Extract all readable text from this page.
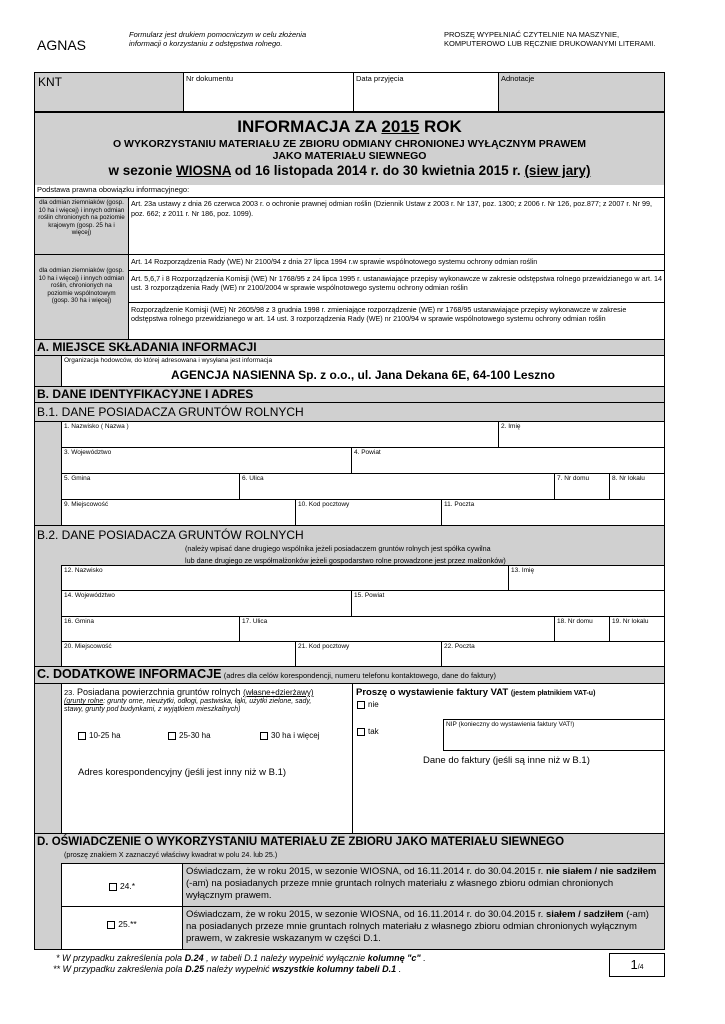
AGNAS
Formularz jest drukiem pomocniczym w celu złożenia informacji o korzystaniu z odstępstwa rolnego.
PROSZĘ WYPEŁNIAĆ CZYTELNIE NA MASZYNIE, KOMPUTEROWO LUB RĘCZNIE DRUKOWANYMI LITERAMI.
KNT	Nr dokumentu	Data przyjęcia	Adnotacje
INFORMACJA ZA 2015 ROK
O WYKORZYSTANIU MATERIAŁU ZE ZBIORU ODMIANY CHRONIONEJ WYŁĄCZNYM PRAWEM
JAKO MATERIAŁU SIEWNEGO
w sezonie WIOSNA od 16 listopada 2014 r. do 30 kwietnia 2015 r. (siew jary)
Podstawa prawna obowiązku informacyjnego:
dla odmian ziemniaków (gosp. 10 ha i więcej) i innych odmian roślin chronionych na poziomie krajowym (gosp. 25 ha i więcej)
Art. 23a ustawy z dnia 26 czerwca 2003 r. o ochronie prawnej odmian roślin (Dziennik Ustaw z 2003 r. Nr 137, poz. 1300; z 2006 r. Nr 126, poz.877; z 2007 r. Nr 99, poz. 662; z 2011 r. Nr 186, poz. 1099).
dla odmian ziemniaków (gosp. 10 ha i więcej) i innych odmian roślin, chronionych na poziomie wspólnotowym (gosp. 30 ha i więcej)
Art. 14 Rozporządzenia Rady (WE) Nr 2100/94 z dnia 27 lipca 1994 r.w sprawie wspólnotowego systemu ochrony odmian roślin
Art. 5,6,7 i 8 Rozporządzenia Komisji (WE) Nr 1768/95 z 24 lipca 1995 r. ustanawiające przepisy wykonawcze w zakresie odstępstwa rolnego przewidzianego w art. 14 ust. 3 rozporządzenia Rady (WE) nr 2100/2004 w sprawie wspólnotowego systemu ochrony odmian roślin
Rozporządzenie Komisji (WE) Nr 2605/98 z 3 grudnia 1998 r. zmieniające rozporządzenie (WE) nr 1768/95 ustanawiające przepisy wykonawcze w zakresie odstępstwa rolnego przewidzianego w art. 14 ust. 3 rozporządzenia Rady (WE) nr 2100/94 w sprawie wspólnotowego systemu ochrony odmian roślin
A. MIEJSCE SKŁADANIA INFORMACJI
Organizacja hodowców, do której adresowana i wysyłana jest informacja
AGENCJA NASIENNA Sp. z o.o., ul. Jana Dekana 6E, 64-100 Leszno
B. DANE IDENTYFIKACYJNE I ADRES
B.1. DANE POSIADACZA GRUNTÓW ROLNYCH
1. Nazwisko ( Nazwa )	2. Imię
3. Województwo	4. Powiat
5. Gmina	6. Ulica	7. Nr domu	8. Nr lokalu
9. Miejscowość	10. Kod pocztowy	11. Poczta
B.2. DANE POSIADACZA GRUNTÓW ROLNYCH
(należy wpisać dane drugiego wspólnika jeżeli posiadaczem gruntów rolnych jest spółka cywilna
lub dane drugiego ze współmałżonków jeżeli gospodarstwo rolne prowadzone jest przez małżonków)
12. Nazwisko	13. Imię
14. Województwo	15. Powiat
16. Gmina	17. Ulica	18. Nr domu	19. Nr lokalu
20. Miejscowość	21. Kod pocztowy	22. Poczta
C. DODATKOWE INFORMACJE (adres dla celów korespondencji, numeru telefonu kontaktowego, dane do faktury)
23. Posiadana powierzchnia gruntów rolnych (własne+dzierżawy)
(grunty rolne: grunty orne, nieużytki, odłogi, pastwiska, łąki, użytki zielone, sady, stawy, grunty pod budynkami, z wyjątkiem mieszkalnych)
10-25 ha	25-30 ha	30 ha i więcej
Adres korespondencyjny (jeśli jest inny niż w B.1)
Proszę o wystawienie faktury VAT (jestem płatnikiem VAT-u)
nie
tak
NIP (konieczny do wystawienia faktury VAT!)
Dane do faktury (jeśli są inne niż w B.1)
D. OŚWIADCZENIE O WYKORZYSTANIU MATERIAŁU ZE ZBIORU JAKO MATERIAŁU SIEWNEGO
(proszę znakiem X zaznaczyć właściwy kwadrat w polu 24. lub 25.)
24.*
Oświadczam, że w roku 2015, w sezonie WIOSNA, od 16.11.2014 r. do 30.04.2015 r. nie siałem / nie sadziłem (-am) na posiadanych przeze mnie gruntach rolnych materiału z własnego zbioru odmian chronionych wyłącznym prawem.
25.**
Oświadczam, że w roku 2015, w sezonie WIOSNA, od 16.11.2014 r. do 30.04.2015 r. siałem / sadziłem (-am) na posiadanych przeze mnie gruntach rolnych materiału z własnego zbioru odmian chronionych wyłącznym prawem, w zakresie wskazanym w części D.1.
* W przypadku zakreślenia pola D.24 , w tabeli D.1 należy wypełnić wyłącznie kolumnę "c" .
** W przypadku zakreślenia pola D.25 należy wypełnić wszystkie kolumny tabeli D.1 .	1/4
